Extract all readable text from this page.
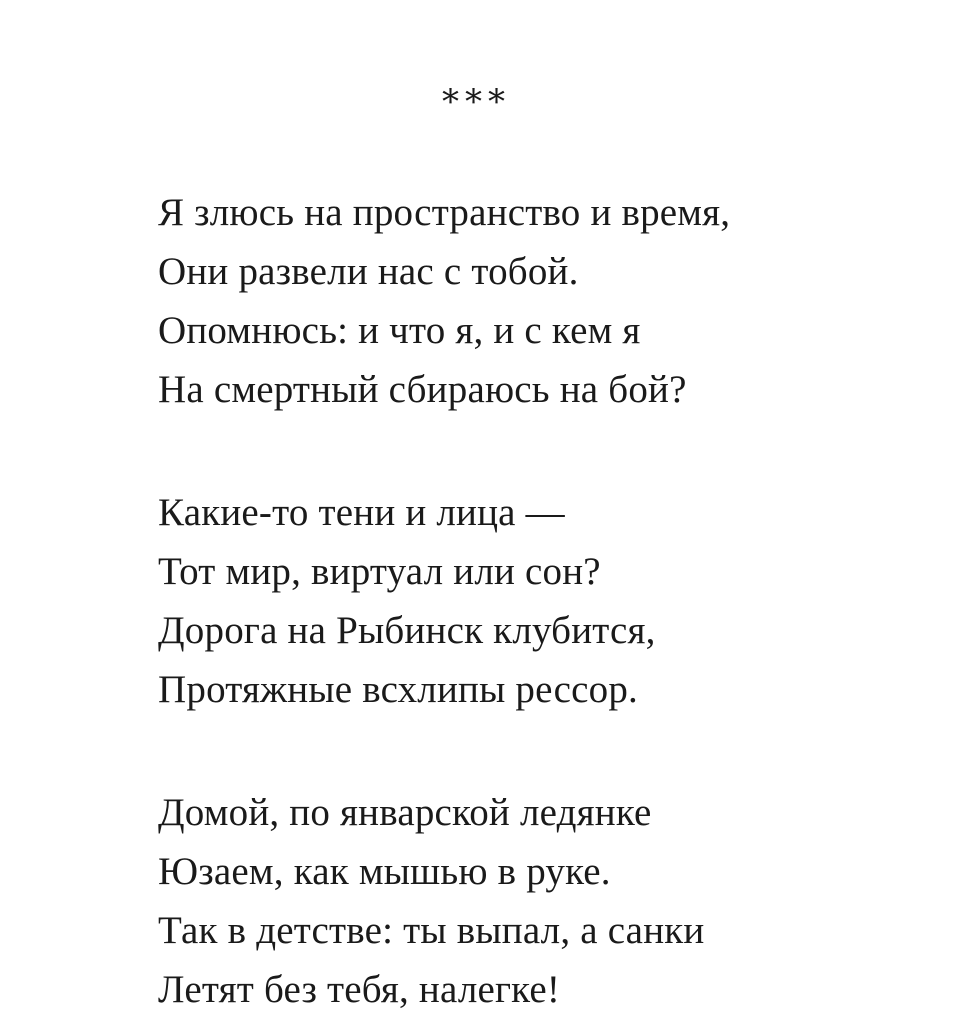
***
Я злюсь на пространство и время,
Они развели нас с тобой.
Опомнюсь: и что я, и с кем я
На смертный сбираюсь на бой?
Какие-то тени и лица —
Тот мир, виртуал или сон?
Дорога на Рыбинск клубится,
Протяжные всхлипы рессор.
Домой, по январской ледянке
Юзаем, как мышью в руке.
Так в детстве: ты выпал, а санки
Летят без тебя, налегке!
